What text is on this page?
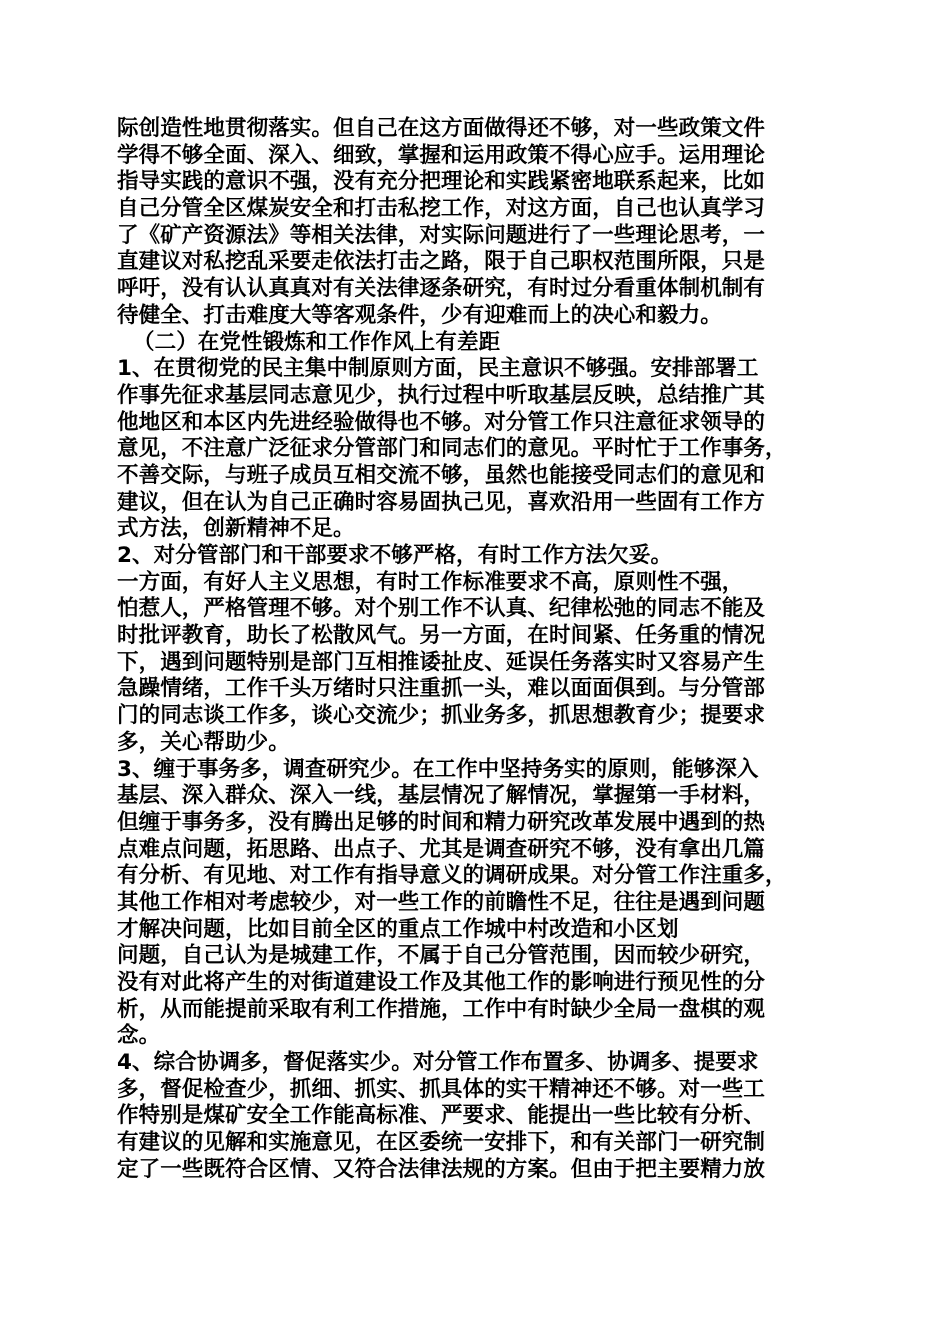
际创造性地贯彻落实。但自己在这方面做得还不够，对一些政策文件
学得不够全面、深入、细致，掌握和运用政策不得心应手。运用理论
指导实践的意识不强，没有充分把理论和实践紧密地联系起来，比如
自己分管全区煤炭安全和打击私挖工作，对这方面，自己也认真学习
了《矿产资源法》等相关法律，对实际问题进行了一些理论思考，一
直建议对私挖乱采要走依法打击之路，限于自己职权范围所限，只是
呼吁，没有认认真真对有关法律逐条研究，有时过分看重体制机制有
待健全、打击难度大等客观条件，少有迎难而上的决心和毅力。
（二）在党性锻炼和工作作风上有差距
1、在贯彻党的民主集中制原则方面，民主意识不够强。安排部署工
作事先征求基层同志意见少，执行过程中听取基层反映，总结推广其
他地区和本区内先进经验做得也不够。对分管工作只注意征求领导的
意见，不注意广泛征求分管部门和同志们的意见。平时忙于工作事务，
不善交际，与班子成员互相交流不够，虽然也能接受同志们的意见和
建议，但在认为自己正确时容易固执己见，喜欢沿用一些固有工作方
式方法，创新精神不足。
2、对分管部门和干部要求不够严格，有时工作方法欠妥。
一方面，有好人主义思想，有时工作标准要求不高，原则性不强，
怕惹人，严格管理不够。对个别工作不认真、纪律松弛的同志不能及
时批评教育，助长了松散风气。另一方面，在时间紧、任务重的情况
下，遇到问题特别是部门互相推诿扯皮、延误任务落实时又容易产生
急躁情绪，工作千头万绪时只注重抓一头，难以面面俱到。与分管部
门的同志谈工作多，谈心交流少；抓业务多，抓思想教育少；提要求
多，关心帮助少。
3、缠于事务多，调查研究少。在工作中坚持务实的原则，能够深入
基层、深入群众、深入一线，基层情况了解情况，掌握第一手材料，
但缠于事务多，没有腾出足够的时间和精力研究改革发展中遇到的热
点难点问题，拓思路、出点子、尤其是调查研究不够，没有拿出几篇
有分析、有见地、对工作有指导意义的调研成果。对分管工作注重多，
其他工作相对考虑较少，对一些工作的前瞻性不足，往往是遇到问题
才解决问题，比如目前全区的重点工作城中村改造和小区划
问题，自己认为是城建工作，不属于自己分管范围，因而较少研究，
没有对此将产生的对街道建设工作及其他工作的影响进行预见性的分
析，从而能提前采取有利工作措施，工作中有时缺少全局一盘棋的观
念。
4、综合协调多，督促落实少。对分管工作布置多、协调多、提要求
多，督促检查少，抓细、抓实、抓具体的实干精神还不够。对一些工
作特别是煤矿安全工作能高标准、严要求、能提出一些比较有分析、
有建议的见解和实施意见，在区委统一安排下，和有关部门一研究制
定了一些既符合区情、又符合法律法规的方案。但由于把主要精力放
